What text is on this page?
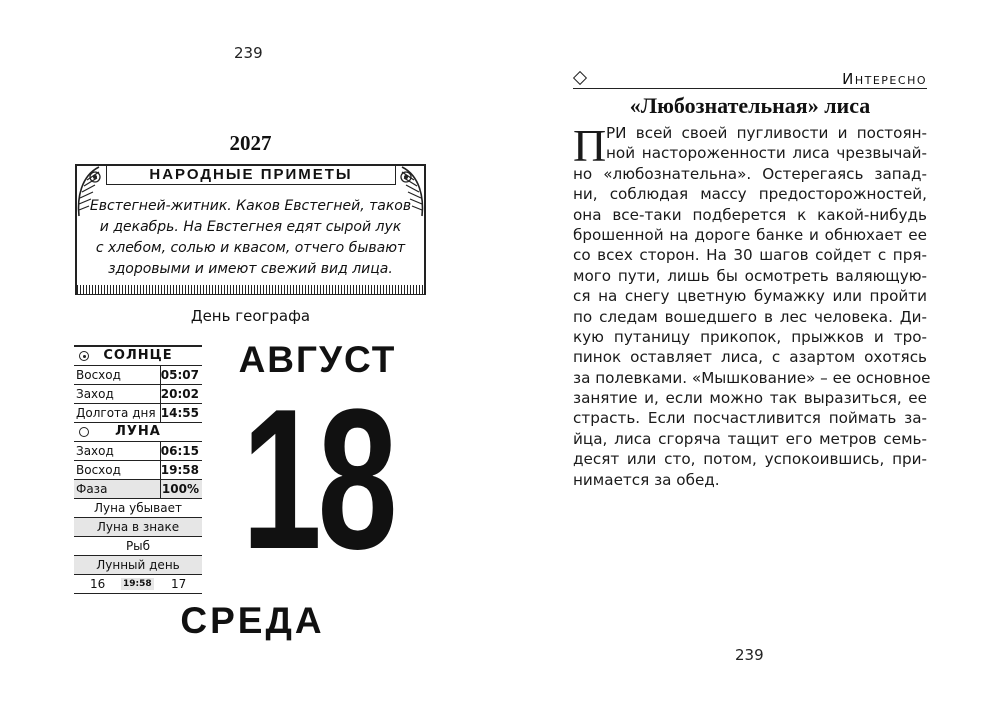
239
2027
НАРОДНЫЕ ПРИМЕТЫ
Евстегней-житник. Каков Евстегней, таков
и декабрь. На Евстегнея едят сырой лук
с хлебом, солью и квасом, отчего бывают
здоровыми и имеют свежий вид лица.
День географа
СОЛНЦЕ
Восход	05:07
Заход	20:02
Долгота дня 14:55
ЛУНА
Заход	06:15
Восход	19:58
Фаза	100%
Луна убывает
Луна в знаке
Рыб
Лунный день
16 19:58 17
АВГУСТ
18
СРЕДА
Интересно
«Любознательная» лиса
П РИ всей своей пугливости и постоян-
ной настороженности лиса чрезвычай-
но «любознательна». Остерегаясь запад-
ни, соблюдая массу предосторожностей,
она все-таки подберется к какой-нибудь
брошенной на дороге банке и обнюхает ее
со всех сторон. На 30 шагов сойдет с пря-
мого пути, лишь бы осмотреть валяющую-
ся на снегу цветную бумажку или пройти
по следам вошедшего в лес человека. Ди-
кую путаницу прикопок, прыжков и тро-
пинок оставляет лиса, с азартом охотясь
за полевками. «Мышкование» – ее основное
занятие и, если можно так выразиться, ее
страсть. Если посчастливится поймать за-
йца, лиса сгоряча тащит его метров семь-
десят или сто, потом, успокоившись, при-
нимается за обед.
239
